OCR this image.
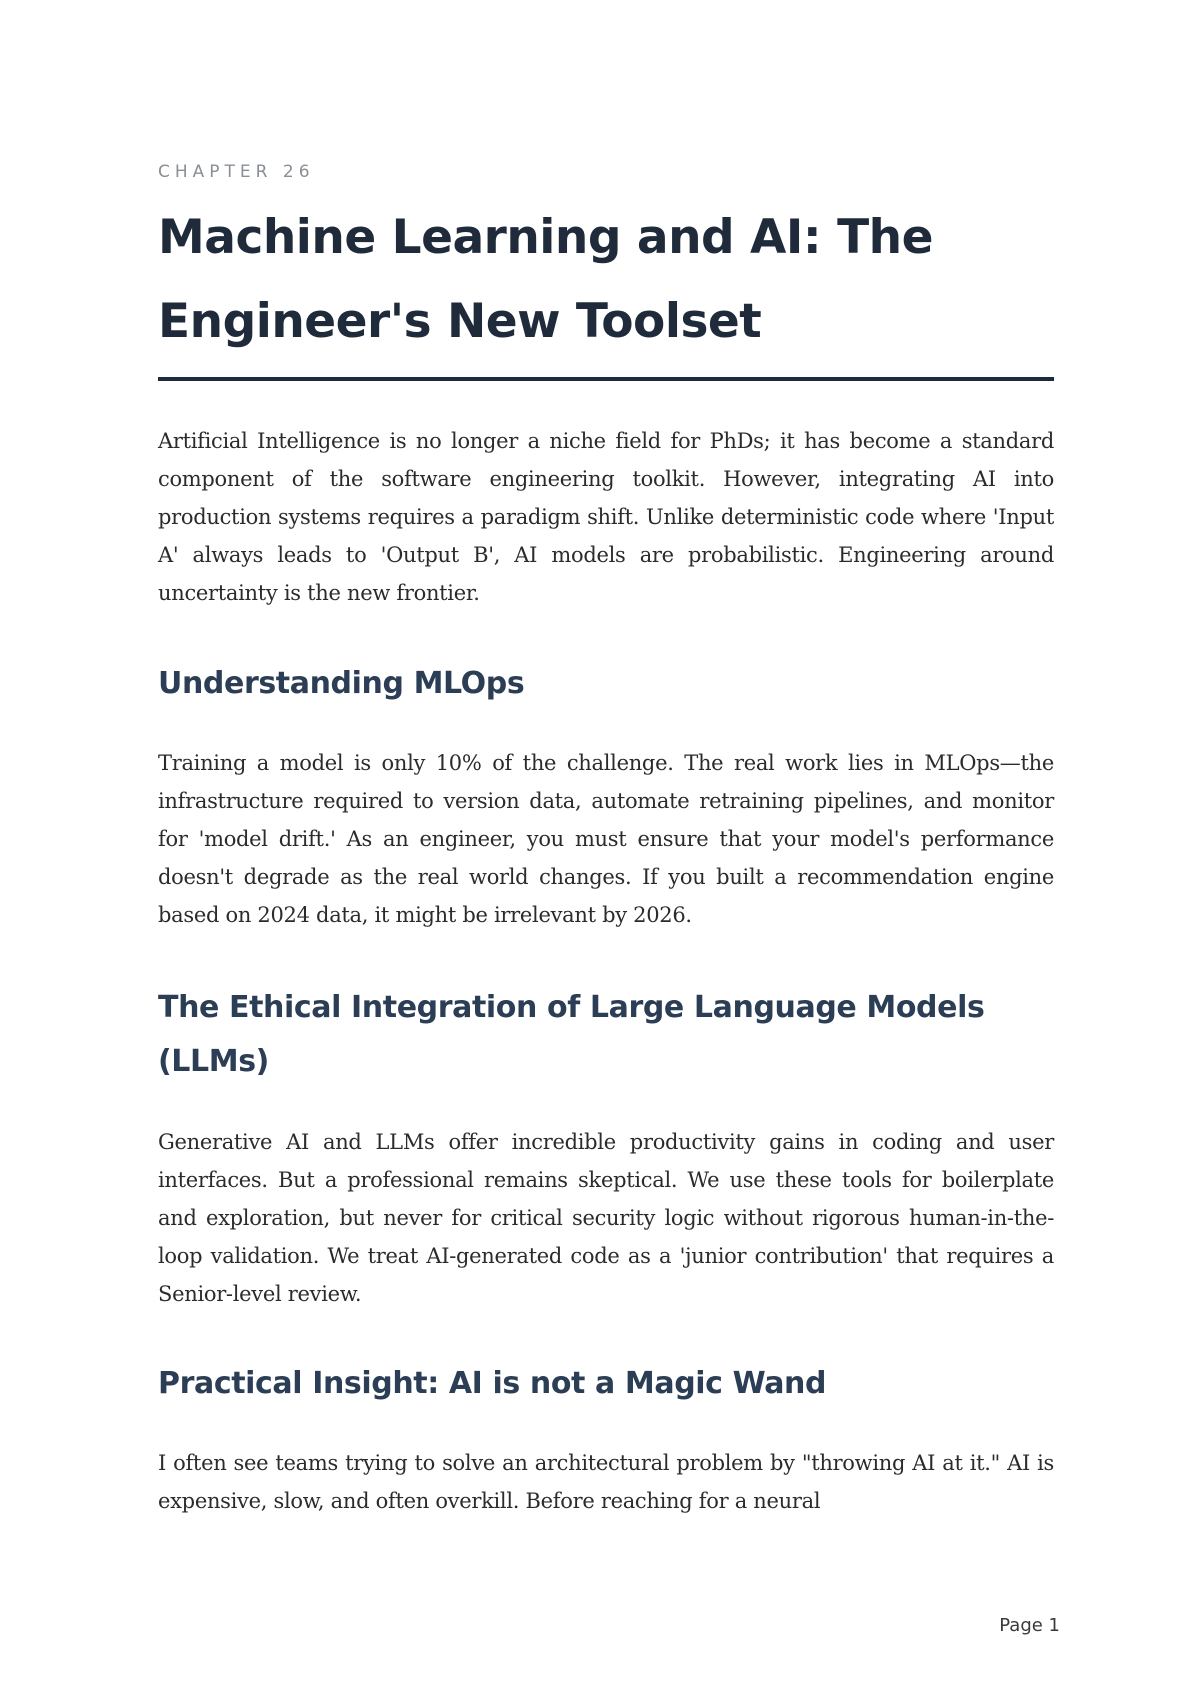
CHAPTER 26
Machine Learning and AI: The Engineer's New Toolset

Artificial Intelligence is no longer a niche field for PhDs; it has become a standard component of the software engineering toolkit. However, integrating AI into production systems requires a paradigm shift. Unlike deterministic code where 'Input A' always leads to 'Output B', AI models are probabilistic. Engineering around uncertainty is the new frontier.

Understanding MLOps

Training a model is only 10% of the challenge. The real work lies in MLOps—the infrastructure required to version data, automate retraining pipelines, and monitor for 'model drift.' As an engineer, you must ensure that your model's performance doesn't degrade as the real world changes. If you built a recommendation engine based on 2024 data, it might be irrelevant by 2026.

The Ethical Integration of Large Language Models (LLMs)

Generative AI and LLMs offer incredible productivity gains in coding and user interfaces. But a professional remains skeptical. We use these tools for boilerplate and exploration, but never for critical security logic without rigorous human-in-the-loop validation. We treat AI-generated code as a 'junior contribution' that requires a Senior-level review.

Practical Insight: AI is not a Magic Wand

I often see teams trying to solve an architectural problem by "throwing AI at it." AI is expensive, slow, and often overkill. Before reaching for a neural

Page 1
